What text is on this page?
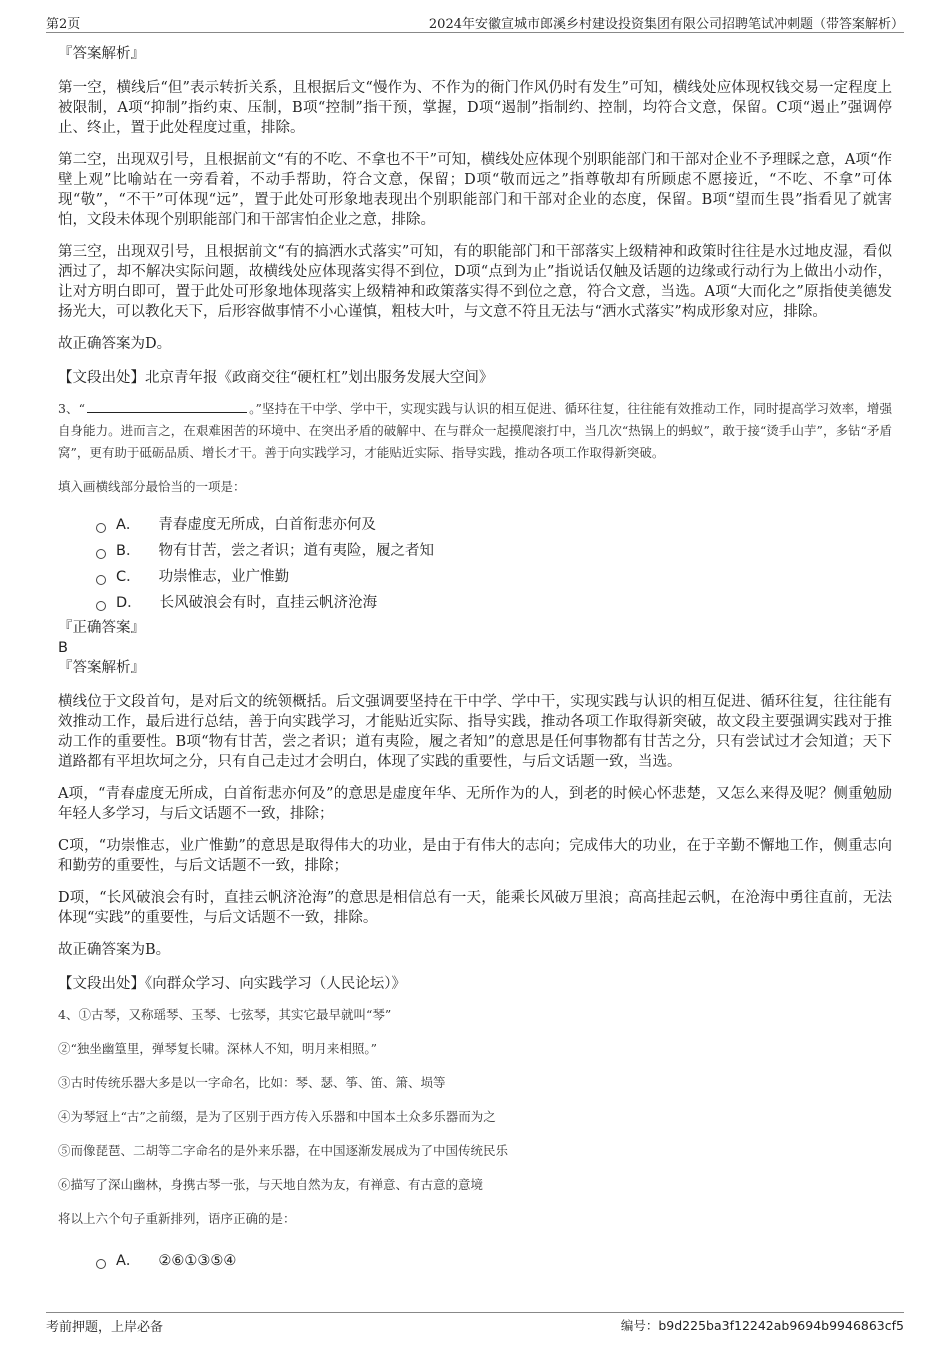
第2页	2024年安徽宣城市郎溪乡村建设投资集团有限公司招聘笔试冲刺题（带答案解析）

『答案解析』

第一空，横线后“但”表示转折关系，且根据后文“慢作为、不作为的衙门作风仍时有发生”可知，横线处应体现权钱交易一定程度上被限制，A项“抑制”指约束、压制，B项“控制”指干预，掌握，D项“遏制”指制约、控制，均符合文意，保留。C项“遏止”强调停止、终止，置于此处程度过重，排除。

第二空，出现双引号，且根据前文“有的不吃、不拿也不干”可知，横线处应体现个别职能部门和干部对企业不予理睬之意，A项“作壁上观”比喻站在一旁看着，不动手帮助，符合文意，保留；D项“敬而远之”指尊敬却有所顾虑不愿接近，“不吃、不拿”可体现“敬”，“不干”可体现“远”，置于此处可形象地表现出个别职能部门和干部对企业的态度，保留。B项“望而生畏”指看见了就害怕，文段未体现个别职能部门和干部害怕企业之意，排除。

第三空，出现双引号，且根据前文“有的搞洒水式落实”可知，有的职能部门和干部落实上级精神和政策时往往是水过地皮湿，看似洒过了，却不解决实际问题，故横线处应体现落实得不到位，D项“点到为止”指说话仅触及话题的边缘或行动行为上做出小动作，让对方明白即可，置于此处可形象地体现落实上级精神和政策落实得不到位之意，符合文意，当选。A项“大而化之”原指使美德发扬光大，可以教化天下，后形容做事情不小心谨慎，粗枝大叶，与文意不符且无法与“洒水式落实”构成形象对应，排除。

故正确答案为D。

【文段出处】北京青年报《政商交往“硬杠杠”划出服务发展大空间》

3、“	。”坚持在干中学、学中干，实现实践与认识的相互促进、循环往复，往往能有效推动工作，同时提高学习效率，增强自身能力。进而言之，在艰难困苦的环境中、在突出矛盾的破解中、在与群众一起摸爬滚打中，当几次“热锅上的蚂蚁”，敢于接“烫手山芋”，多钻“矛盾窝”，更有助于砥砺品质、增长才干。善于向实践学习，才能贴近实际、指导实践，推动各项工作取得新突破。

填入画横线部分最恰当的一项是：

A． 青春虚度无所成，白首衔悲亦何及
B． 物有甘苦，尝之者识；道有夷险，履之者知
C． 功崇惟志，业广惟勤
D． 长风破浪会有时，直挂云帆济沧海

『正确答案』

B

『答案解析』

横线位于文段首句，是对后文的统领概括。后文强调要坚持在干中学、学中干，实现实践与认识的相互促进、循环往复，往往能有效推动工作，最后进行总结，善于向实践学习，才能贴近实际、指导实践，推动各项工作取得新突破，故文段主要强调实践对于推动工作的重要性。B项“物有甘苦，尝之者识；道有夷险，履之者知”的意思是任何事物都有甘苦之分，只有尝试过才会知道；天下道路都有平坦坎坷之分，只有自己走过才会明白，体现了实践的重要性，与后文话题一致，当选。

A项，“青春虚度无所成，白首衔悲亦何及”的意思是虚度年华、无所作为的人，到老的时候心怀悲楚，又怎么来得及呢？侧重勉励年轻人多学习，与后文话题不一致，排除；

C项，“功崇惟志，业广惟勤”的意思是取得伟大的功业，是由于有伟大的志向；完成伟大的功业，在于辛勤不懈地工作，侧重志向和勤劳的重要性，与后文话题不一致，排除；

D项，“长风破浪会有时，直挂云帆济沧海”的意思是相信总有一天，能乘长风破万里浪；高高挂起云帆，在沧海中勇往直前，无法体现“实践”的重要性，与后文话题不一致，排除。

故正确答案为B。

【文段出处】《向群众学习、向实践学习（人民论坛）》

4、①古琴，又称瑶琴、玉琴、七弦琴，其实它最早就叫“琴”

②“独坐幽篁里，弹琴复长啸。深林人不知，明月来相照。”

③古时传统乐器大多是以一字命名，比如：琴、瑟、筝、笛、箫、埙等

④为琴冠上“古”之前缀，是为了区别于西方传入乐器和中国本土众多乐器而为之

⑤而像琵琶、二胡等二字命名的是外来乐器，在中国逐渐发展成为了中国传统民乐

⑥描写了深山幽林，身携古琴一张，与天地自然为友，有禅意、有古意的意境

将以上六个句子重新排列，语序正确的是：

A． ②⑥①③⑤④
考前押题，上岸必备	编号：b9d225ba3f12242ab9694b9946863cf5
